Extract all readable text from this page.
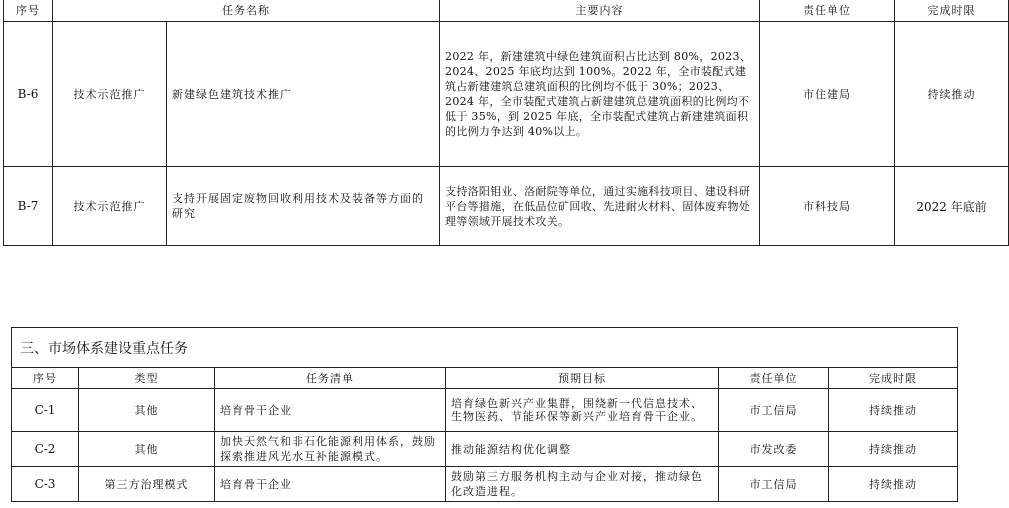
序号	任务名称		主要内容	责任单位	完成时限
B-6	技术示范推广	新建绿色建筑技术推广	2022 年，新建建筑中绿色建筑面积占比达到 80%，2023、2024、2025 年底均达到 100%。2022 年，全市装配式建筑占新建建筑总建筑面积的比例均不低于 30%；2023、2024 年，全市装配式建筑占新建建筑总建筑面积的比例均不低于 35%，到 2025 年底，全市装配式建筑占新建建筑面积的比例力争达到 40%以上。	市住建局	持续推动
B-7	技术示范推广	支持开展固定废物回收利用技术及装备等方面的研究	支持洛阳钼业、洛耐院等单位，通过实施科技项目、建设科研平台等措施，在低品位矿回收、先进耐火材料、固体废弃物处理等领域开展技术攻关。	市科技局	2022 年底前
三、市场体系建设重点任务					
序号	类型	任务清单	预期目标	责任单位	完成时限
C-1	其他	培育骨干企业	培育绿色新兴产业集群，围绕新一代信息技术、生物医药、节能环保等新兴产业培育骨干企业。	市工信局	持续推动
C-2	其他	加快天然气和非石化能源利用体系，鼓励探索推进风光水互补能源模式。	推动能源结构优化调整	市发改委	持续推动
C-3	第三方治理模式	培育骨干企业	鼓励第三方服务机构主动与企业对接，推动绿色化改造进程。	市工信局	持续推动
